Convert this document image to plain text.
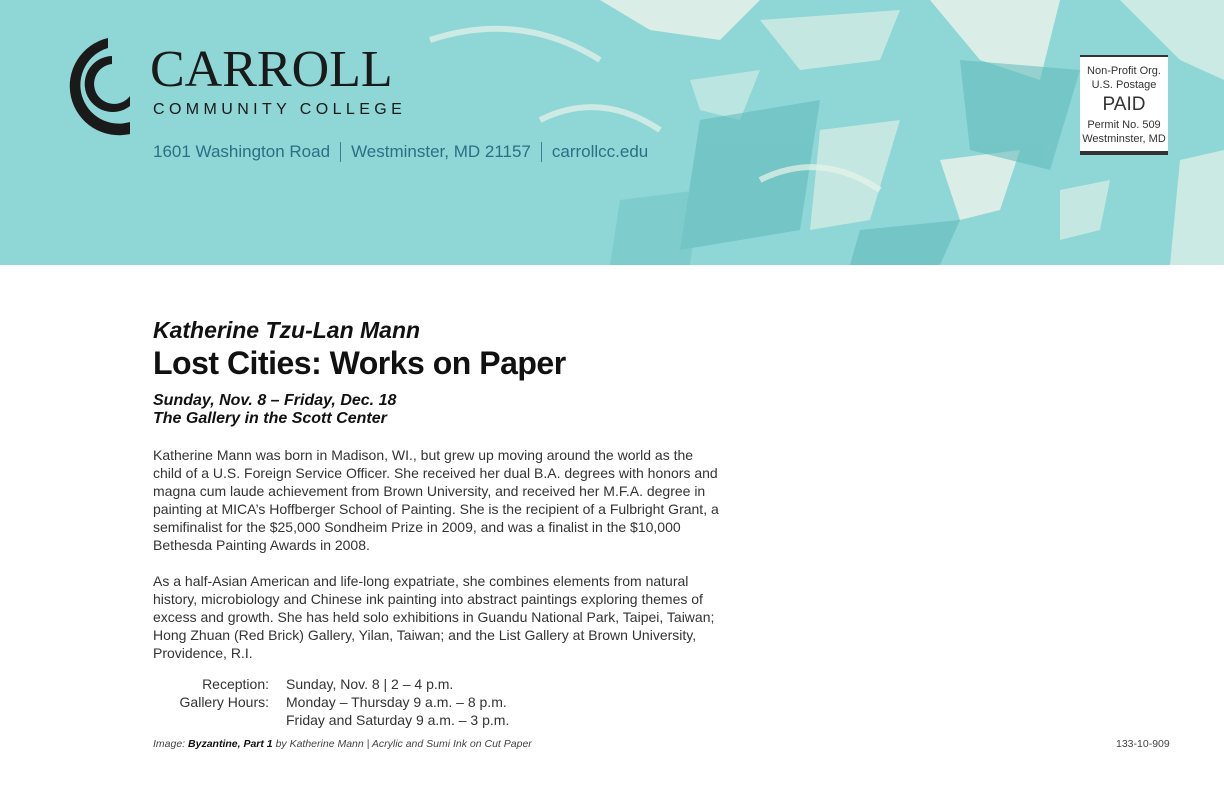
CARROLL
COMMUNITY COLLEGE
1601 Washington Road Westminster, MD 21157 carrollcc.edu
Non-Profit Org.
U.S. Postage
PAID
Permit No. 509
Westminster, MD
Katherine Tzu-Lan Mann
Lost Cities: Works on Paper
Sunday, Nov. 8 – Friday, Dec. 18
The Gallery in the Scott Center
Katherine Mann was born in Madison, WI., but grew up moving around the world as the child of a U.S. Foreign Service Officer. She received her dual B.A. degrees with honors and magna cum laude achievement from Brown University, and received her M.F.A. degree in painting at MICA’s Hoffberger School of Painting. She is the recipient of a Fulbright Grant, a semifinalist for the $25,000 Sondheim Prize in 2009, and was a finalist in the $10,000 Bethesda Painting Awards in 2008.
As a half-Asian American and life-long expatriate, she combines elements from natural history, microbiology and Chinese ink painting into abstract paintings exploring themes of excess and growth. She has held solo exhibitions in Guandu National Park, Taipei, Taiwan; Hong Zhuan (Red Brick) Gallery, Yilan, Taiwan; and the List Gallery at Brown University, Providence, R.I.
Reception:	Sunday, Nov. 8 | 2 – 4 p.m.
Gallery Hours:	Monday – Thursday 9 a.m. – 8 p.m.
Friday and Saturday 9 a.m. – 3 p.m.
Image: Byzantine, Part 1 by Katherine Mann | Acrylic and Sumi Ink on Cut Paper	133-10-909
